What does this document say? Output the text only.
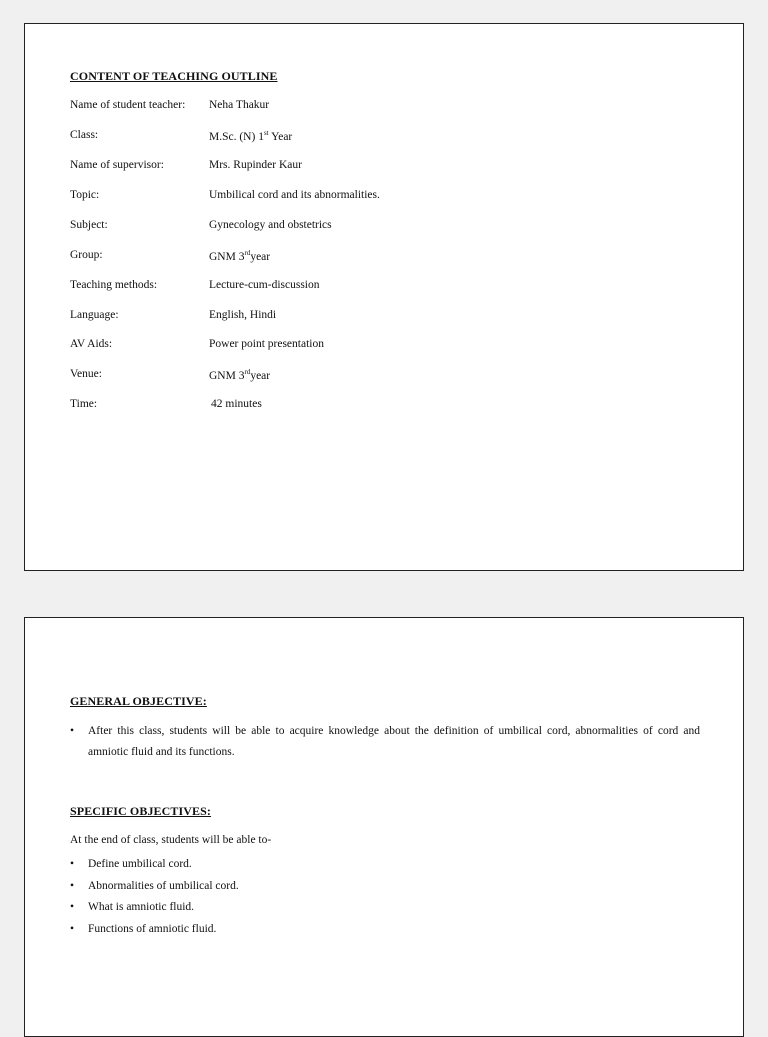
CONTENT OF TEACHING OUTLINE
Name of student teacher: Neha Thakur
Class:	M.Sc. (N) 1st Year
Name of supervisor:	Mrs. Rupinder Kaur
Topic:	Umbilical cord and its abnormalities.
Subject:	Gynecology and obstetrics
Group:	GNM 3rdyear
Teaching methods:	Lecture-cum-discussion
Language:	English, Hindi
AV Aids:	Power point presentation
Venue:	GNM 3rdyear
Time:	42 minutes
GENERAL OBJECTIVE:
•	After this class, students will be able to acquire knowledge about the definition of umbilical cord, abnormalities of cord and amniotic fluid and its functions.
SPECIFIC OBJECTIVES:
At the end of class, students will be able to-
• Define umbilical cord.
• Abnormalities of umbilical cord.
• What is amniotic fluid.
• Functions of amniotic fluid.
